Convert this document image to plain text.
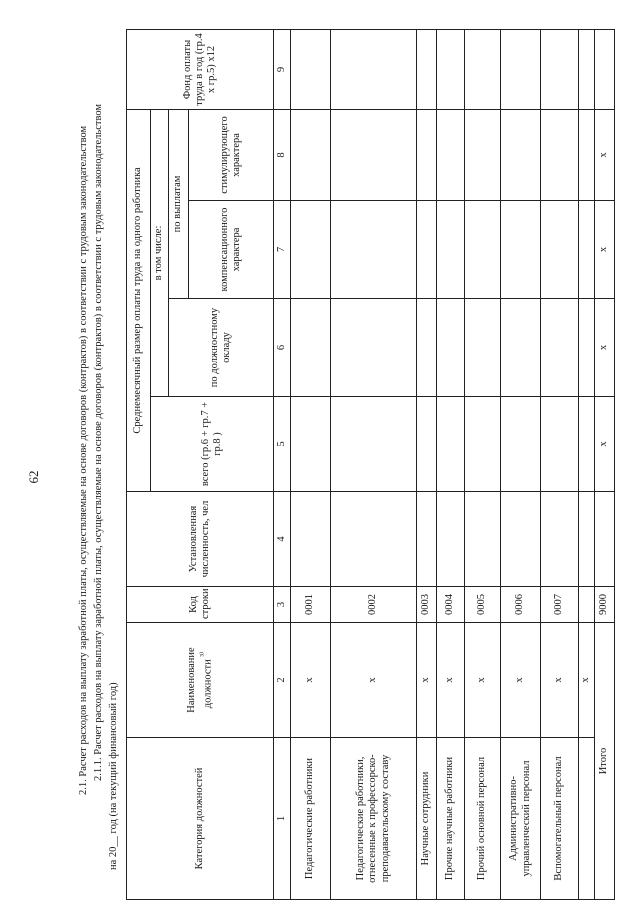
62	2.1. Расчет расходов на выплату заработной платы, осуществляемые на основе договоров (контрактов) в соответствии с трудовым законодательством 2.1.1. Расчет расходов на выплату заработной платы, осуществляемые на основе договоров (контрактов) в соответствии с трудовым законодательством на 20__ год (на текущий финансовый год)	Категория должностей	Наименование должности $^{^{3)}}$	Код строки	Установленная численность, чел	Среднемесячный размер оплаты труда на одного работника				Фонд оплаты труда в год (гр.4 x гр.5) x12
				всего (гр.6 + гр.7 + гр.8 )	в том числе:			
					по должностному окладу	по выплатам		
						компенсационного характера	стимулирующего характера	
1	2	3	4	5	6	7	8	9
Педагогические работники	x	0001						
Педагогические работники, отнесенные к профессорско-преподавательскому составу	x	0002						
Научные сотрудники	x	0003						
Прочие научные работники	x	0004						
Прочий основной персонал	x	0005						
Административно-управленческий персонал	x	0006						
Вспомогательный персонал	x	0007						
	x							
Итого		9000		x	x	x	x	
